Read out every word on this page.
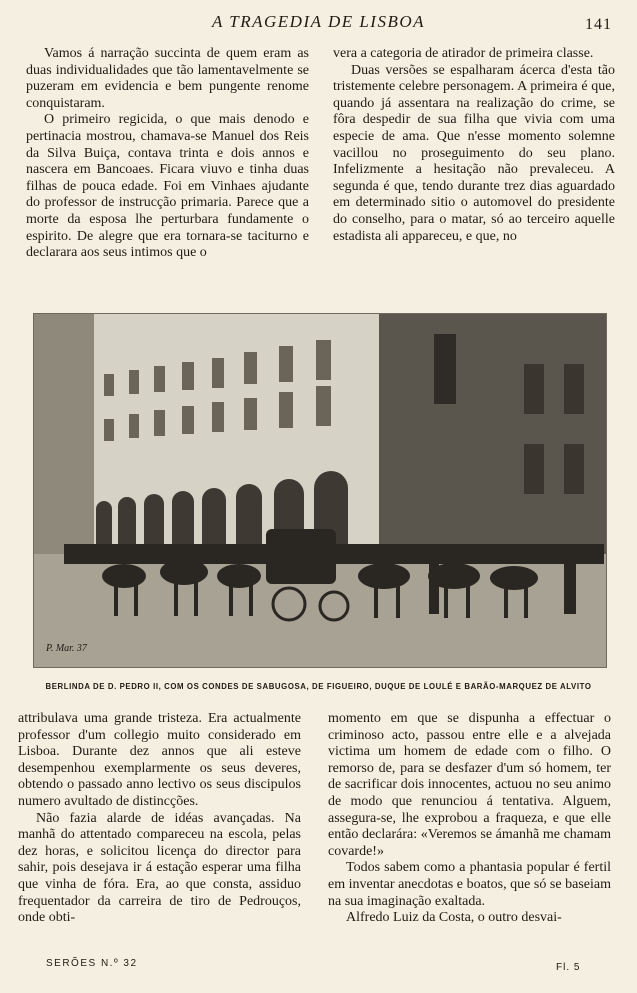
A TRAGEDIA DE LISBOA	141

Vamos á narração succinta de quem eram as duas individualidades que tão lamentavelmente se puzeram em evidencia e bem pungente renome conquistaram.

O primeiro regicida, o que mais denodo e pertinacia mostrou, chamava-se Manuel dos Reis da Silva Buiça, contava trinta e dois annos e nascera em Bancoaes. Ficara viuvo e tinha duas filhas de pouca edade. Foi em Vinhaes ajudante do professor de instrucção primaria. Parece que a morte da esposa lhe perturbara fundamente o espirito. De alegre que era tornara-se taciturno e declarara aos seus intimos que o

vera a categoria de atirador de primeira classe.

Duas versões se espalharam ácerca d'esta tão tristemente celebre personagem. A primeira é que, quando já assentara na realização do crime, se fôra despedir de sua filha que vivia com uma especie de ama. Que n'esse momento solemne vacillou no proseguimento do seu plano. Infelizmente a hesitação não prevaleceu. A segunda é que, tendo durante trez dias aguardado em determinado sitio o automovel do presidente do conselho, para o matar, só ao terceiro aquelle estadista ali appareceu, e que, no

P. Mar. 37
BERLINDA DE D. PEDRO II, COM OS CONDES DE SABUGOSA, DE FIGUEIRO, DUQUE DE LOULÉ E BARÃO-MARQUEZ DE ALVITO

attribulava uma grande tristeza. Era actualmente professor d'um collegio muito considerado em Lisboa. Durante dez annos que ali esteve desempenhou exemplarmente os seus deveres, obtendo o passado anno lectivo os seus discipulos numero avultado de distincções.

Não fazia alarde de idéas avançadas. Na manhã do attentado compareceu na escola, pelas dez horas, e solicitou licença do director para sahir, pois desejava ir á estação esperar uma filha que vinha de fóra. Era, ao que consta, assiduo frequentador da carreira de tiro de Pedrouços, onde obti-

momento em que se dispunha a effectuar o criminoso acto, passou entre elle e a alvejada victima um homem de edade com o filho. O remorso de, para se desfazer d'um só homem, ter de sacrificar dois innocentes, actuou no seu animo de modo que renunciou á tentativa. Alguem, assegura-se, lhe exprobou a fraqueza, e que elle então declarára: «Veremos se ámanhã me chamam covarde!»

Todos sabem como a phantasia popular é fertil em inventar anecdotas e boatos, que só se baseiam na sua imaginação exaltada.

Alfredo Luiz da Costa, o outro desvai-

SERÕES N.º 32	Fl. 5
